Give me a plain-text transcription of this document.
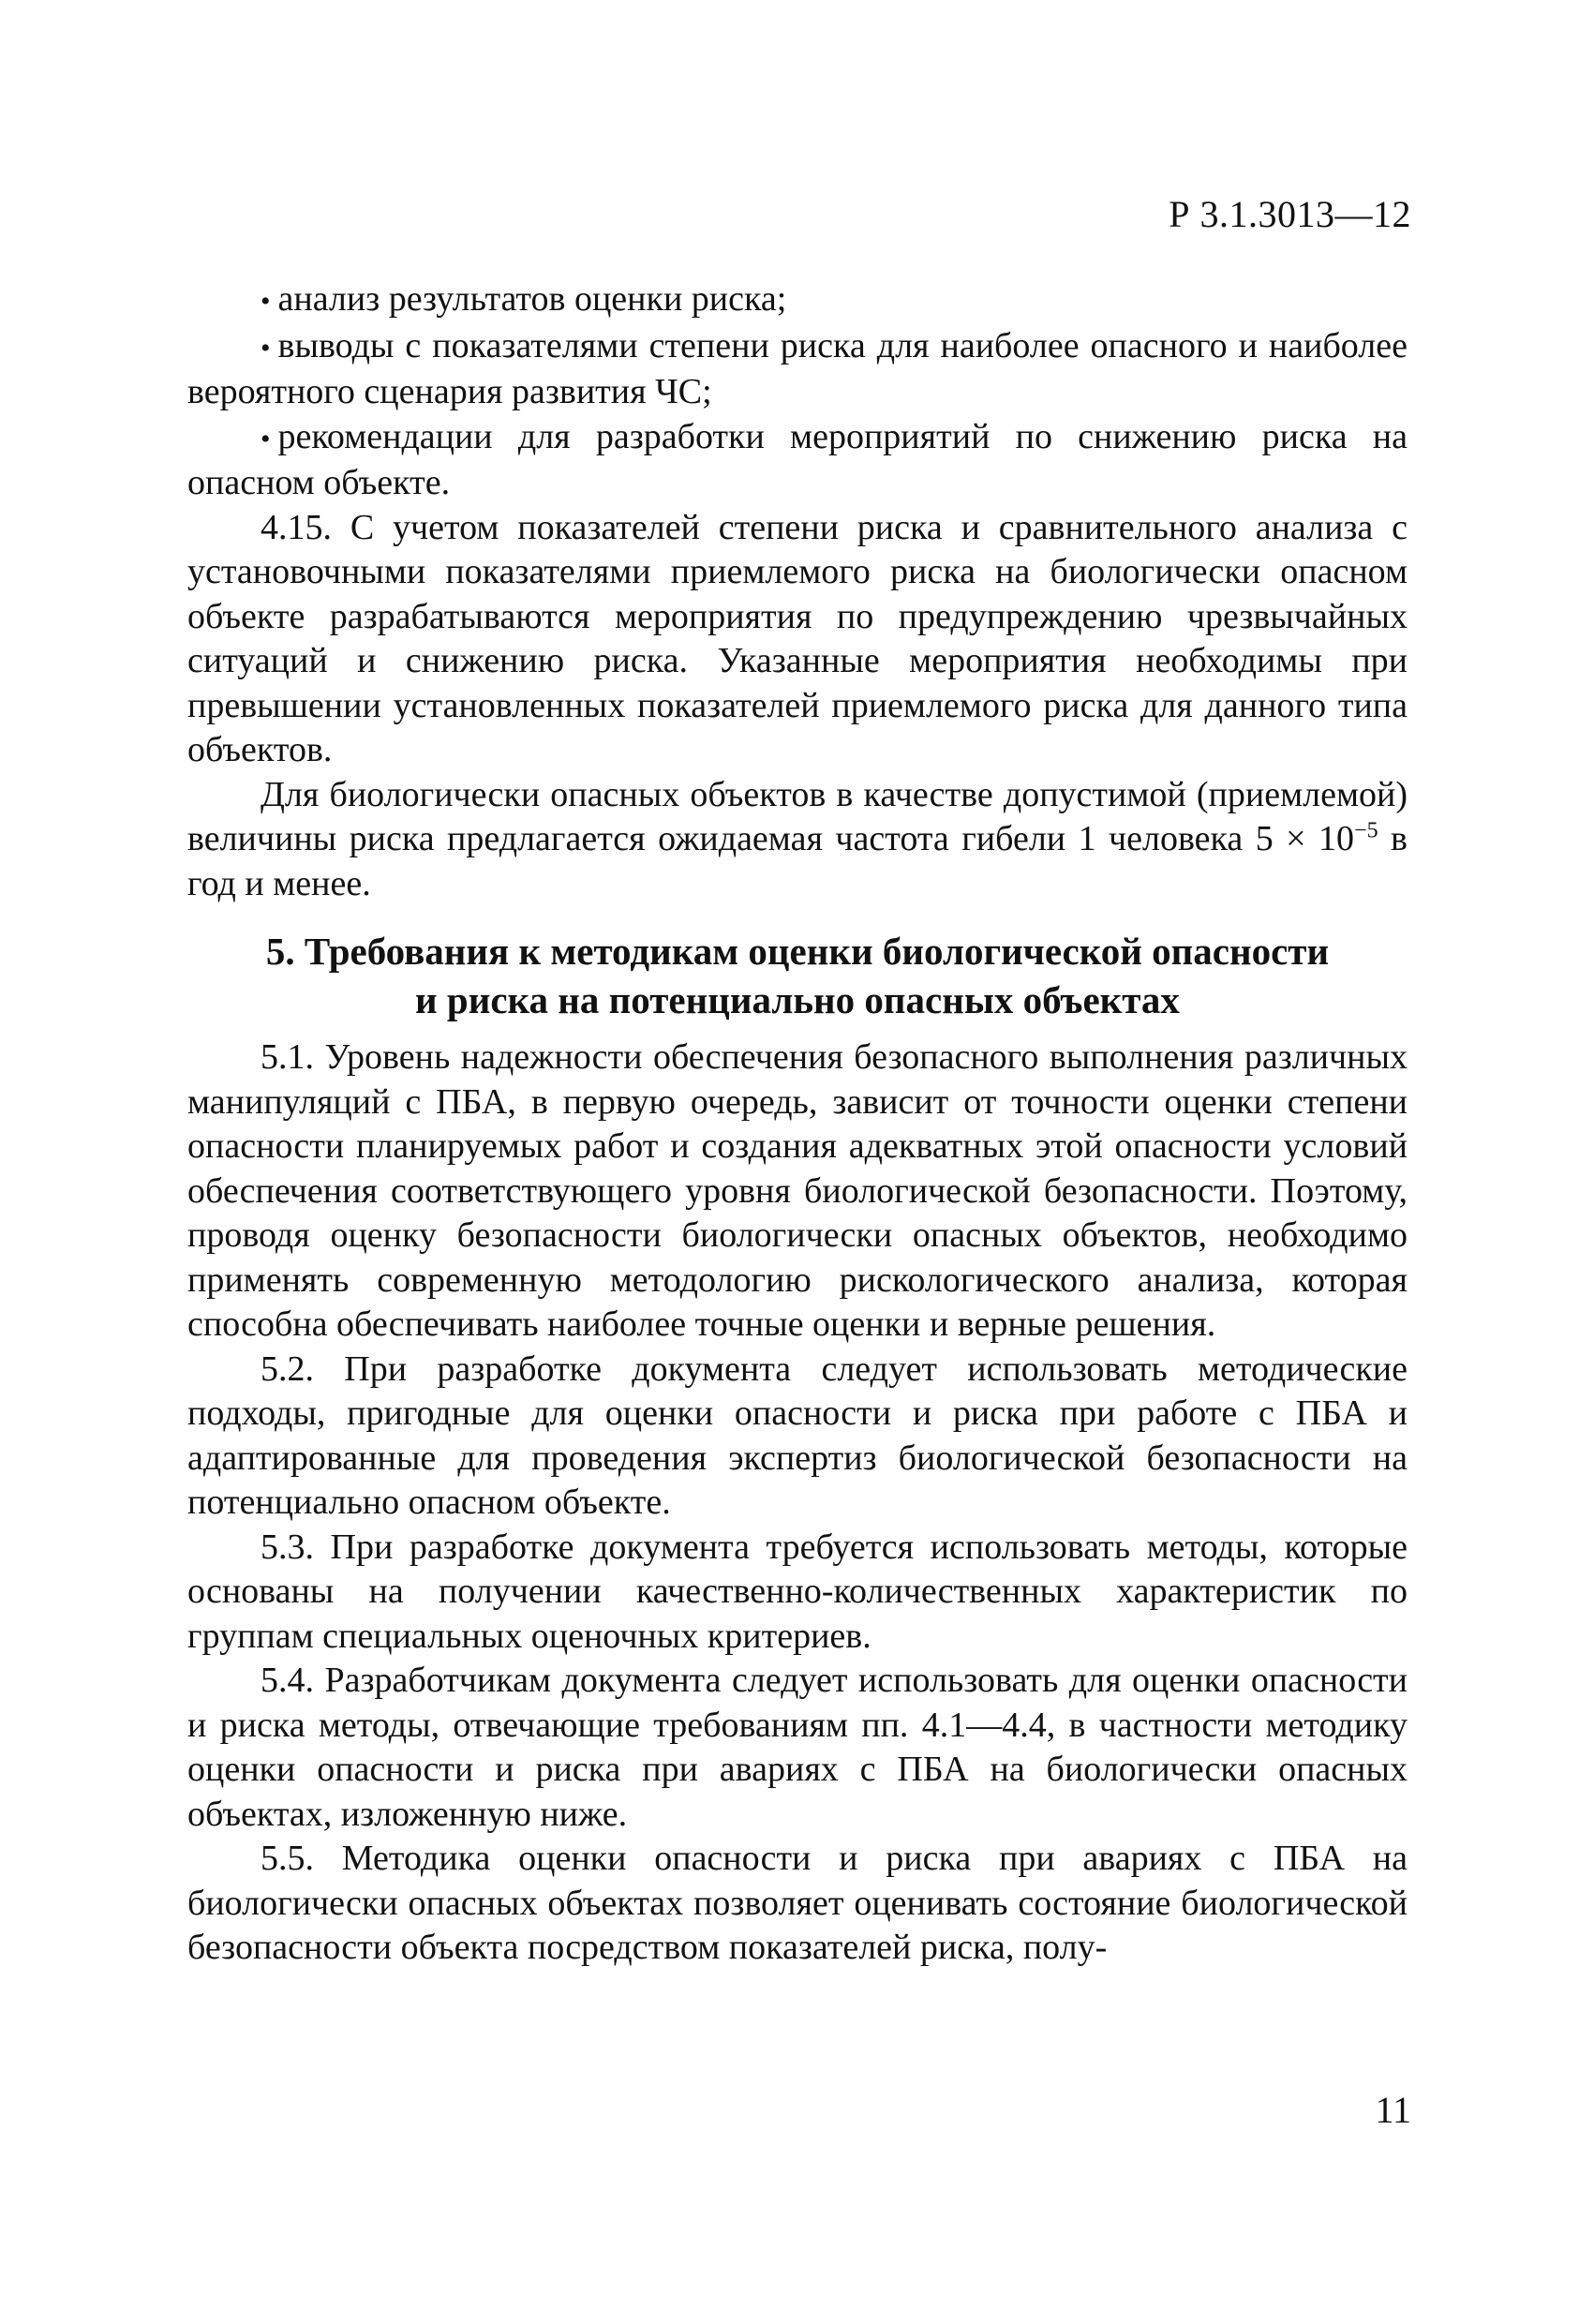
Р 3.1.3013—12

• анализ результатов оценки риска;

• выводы с показателями степени риска для наиболее опасного и наиболее вероятного сценария развития ЧС;

• рекомендации для разработки мероприятий по снижению риска на опасном объекте.

4.15. С учетом показателей степени риска и сравнительного анализа с установочными показателями приемлемого риска на биологически опасном объекте разрабатываются мероприятия по предупреждению чрезвычайных ситуаций и снижению риска. Указанные мероприятия необходимы при превышении установленных показателей приемлемого риска для данного типа объектов.

Для биологически опасных объектов в качестве допустимой (приемлемой) величины риска предлагается ожидаемая частота гибели 1 человека $5 \times 10^{-5}$ в год и менее.

5. Требования к методикам оценки биологической опасности
и риска на потенциально опасных объектах

5.1. Уровень надежности обеспечения безопасного выполнения различных манипуляций с ПБА, в первую очередь, зависит от точности оценки степени опасности планируемых работ и создания адекватных этой опасности условий обеспечения соответствующего уровня биологической безопасности. Поэтому, проводя оценку безопасности биологически опасных объектов, необходимо применять современную методологию рискологического анализа, которая способна обеспечивать наиболее точные оценки и верные решения.

5.2. При разработке документа следует использовать методические подходы, пригодные для оценки опасности и риска при работе с ПБА и адаптированные для проведения экспертиз биологической безопасности на потенциально опасном объекте.

5.3. При разработке документа требуется использовать методы, которые основаны на получении качественно-количественных характеристик по группам специальных оценочных критериев.

5.4. Разработчикам документа следует использовать для оценки опасности и риска методы, отвечающие требованиям пп. 4.1—4.4, в частности методику оценки опасности и риска при авариях с ПБА на биологически опасных объектах, изложенную ниже.

5.5. Методика оценки опасности и риска при авариях с ПБА на биологически опасных объектах позволяет оценивать состояние биологической безопасности объекта посредством показателей риска, полу-

11
